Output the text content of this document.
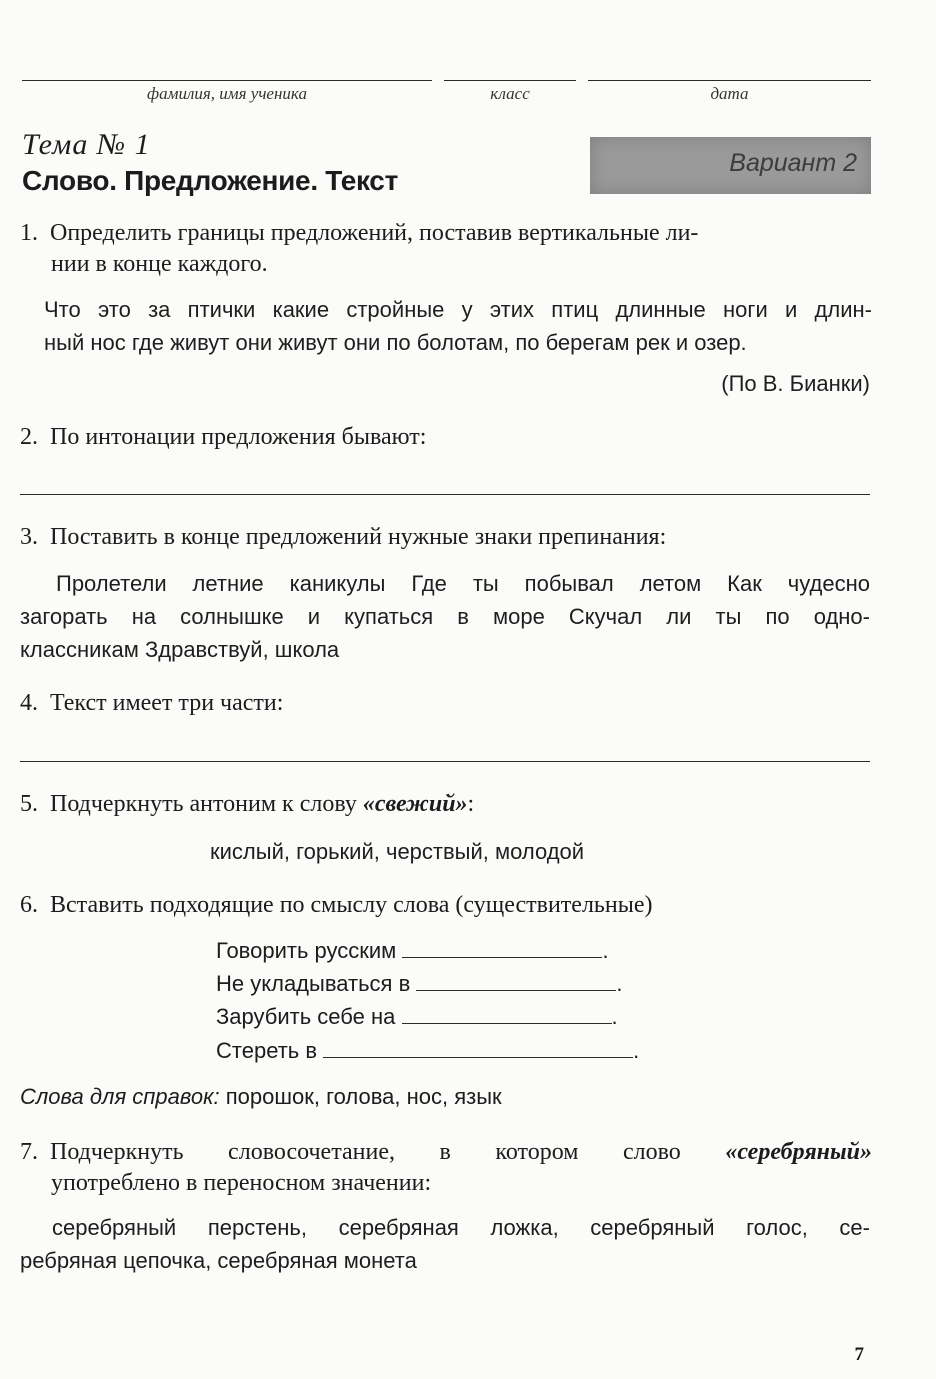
фамилия, имя ученика	класс	дата
Тема № 1
Слово. Предложение. Текст
Вариант 2
1. Определить границы предложений, поставив вертикальные ли-
нии в конце каждого.
Что это за птички какие стройные у этих птиц длинные ноги и длин-
ный нос где живут они живут они по болотам, по берегам рек и озер.
(По В. Бианки)
2. По интонации предложения бывают:
3. Поставить в конце предложений нужные знаки препинания:
Пролетели летние каникулы Где ты побывал летом Как чудесно
загорать на солнышке и купаться в море Скучал ли ты по одно-
классникам Здравствуй, школа
4. Текст имеет три части:
5. Подчеркнуть антоним к слову «свежий»:
кислый, горький, черствый, молодой
6. Вставить подходящие по смыслу слова (существительные)
Говорить русским	.
Не укладываться в	.
Зарубить себе на	.
Стереть в	.
Слова для справок: порошок, голова, нос, язык
7. Подчеркнуть словосочетание, в котором слово «серебряный»
употреблено в переносном значении:
серебряный перстень, серебряная ложка, серебряный голос, се-
ребряная цепочка, серебряная монета
7
